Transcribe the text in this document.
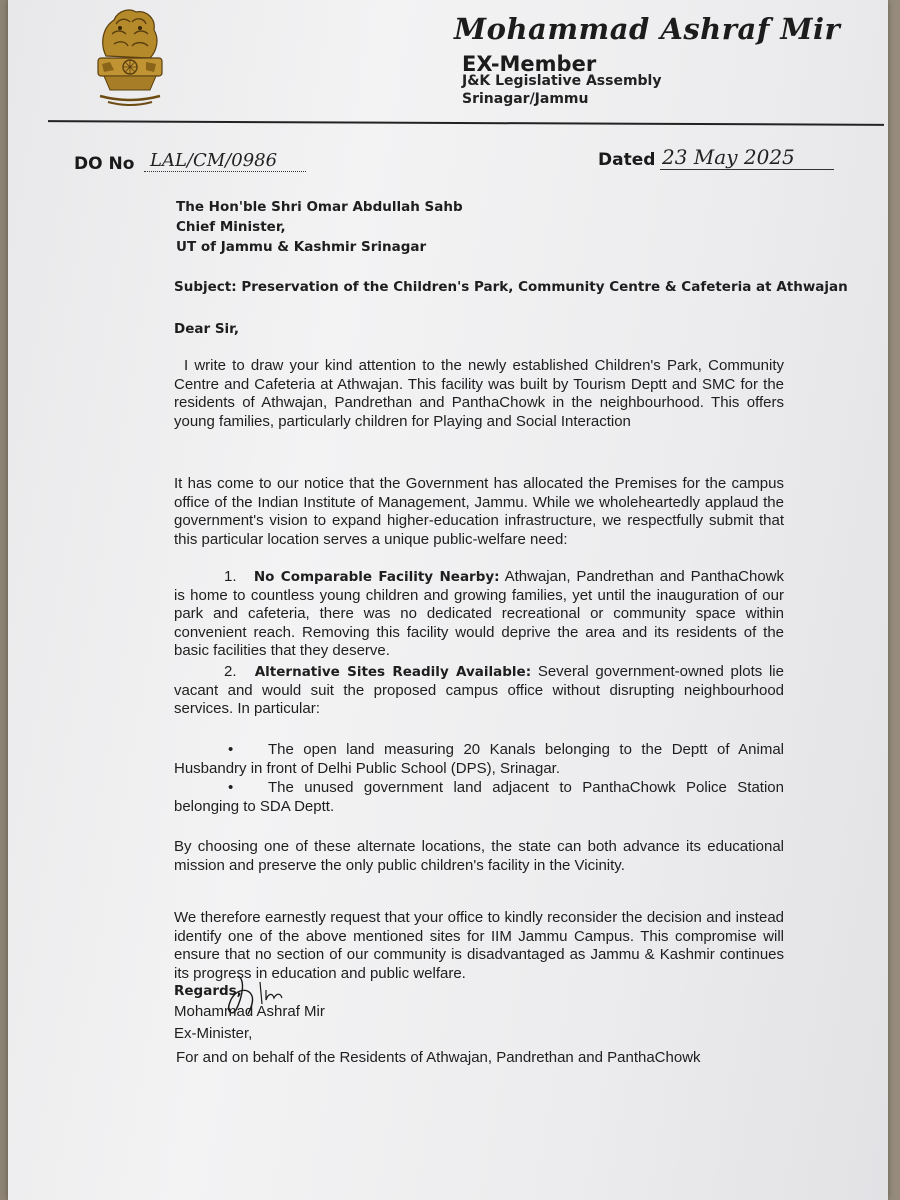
Mohammad Ashraf Mir
EX-Member
J&K Legislative Assembly
Srinagar/Jammu
DO No LAL/CM/0986	Dated 23 May 2025
The Hon'ble Shri Omar Abdullah Sahb
Chief Minister,
UT of Jammu & Kashmir Srinagar
Subject: Preservation of the Children's Park, Community Centre & Cafeteria at Athwajan
Dear Sir,
I write to draw your kind attention to the newly established Children's Park, Community Centre and Cafeteria at Athwajan. This facility was built by Tourism Deptt and SMC for the residents of Athwajan, Pandrethan and PanthaChowk in the neighbourhood. This offers young families, particularly children for Playing and Social Interaction
It has come to our notice that the Government has allocated the Premises for the campus office of the Indian Institute of Management, Jammu. While we wholeheartedly applaud the government's vision to expand higher-education infrastructure, we respectfully submit that this particular location serves a unique public-welfare need:
1. No Comparable Facility Nearby: Athwajan, Pandrethan and PanthaChowk is home to countless young children and growing families, yet until the inauguration of our park and cafeteria, there was no dedicated recreational or community space within convenient reach. Removing this facility would deprive the area and its residents of the basic facilities that they deserve.
2. Alternative Sites Readily Available: Several government-owned plots lie vacant and would suit the proposed campus office without disrupting neighbourhood services. In particular:
• The open land measuring 20 Kanals belonging to the Deptt of Animal Husbandry in front of Delhi Public School (DPS), Srinagar.
• The unused government land adjacent to PanthaChowk Police Station belonging to SDA Deptt.
By choosing one of these alternate locations, the state can both advance its educational mission and preserve the only public children's facility in the Vicinity.
We therefore earnestly request that your office to kindly reconsider the decision and instead identify one of the above mentioned sites for IIM Jammu Campus. This compromise will ensure that no section of our community is disadvantaged as Jammu & Kashmir continues its progress in education and public welfare.
Regards,
Mohammad Ashraf Mir
Ex-Minister,
For and on behalf of the Residents of Athwajan, Pandrethan and PanthaChowk
